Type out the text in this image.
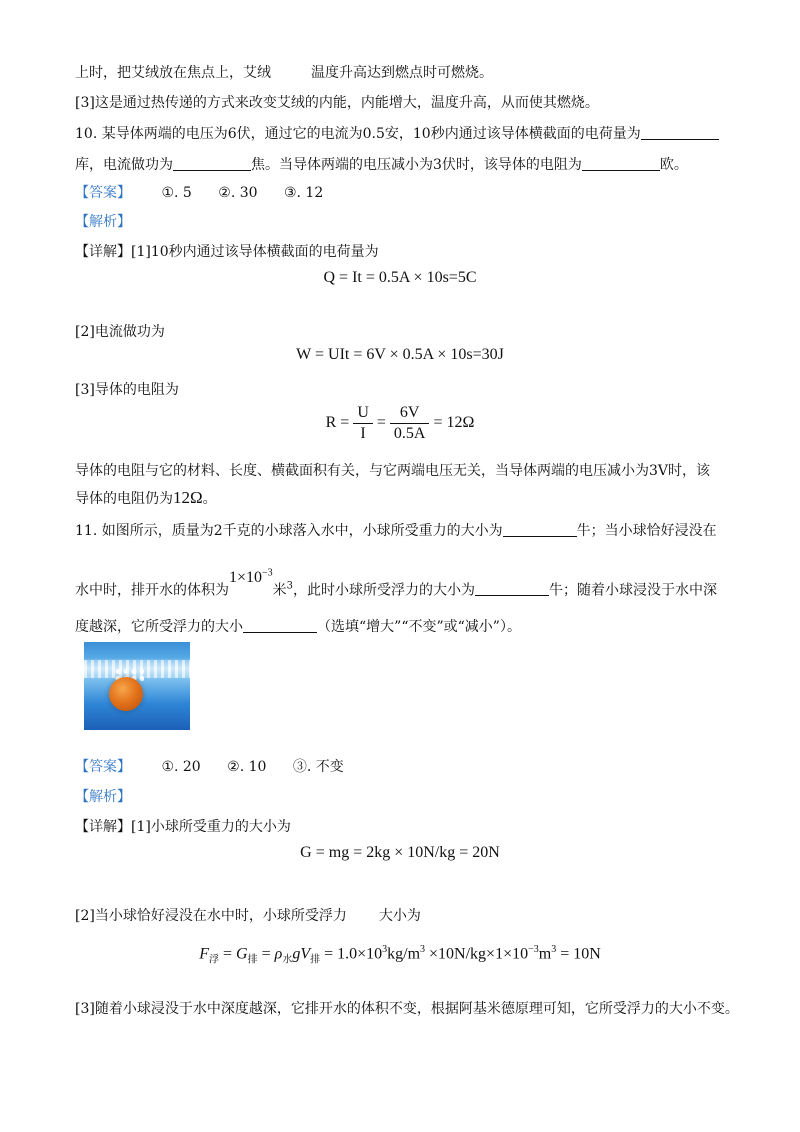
上时，把艾绒放在焦点上，艾绒	温度升高达到燃点时可燃烧。
[3]这是通过热传递的方式来改变艾绒的内能，内能增大，温度升高，从而使其燃烧。
10. 某导体两端的电压为6伏，通过它的电流为0.5安，10秒内通过该导体横截面的电荷量为
库，电流做功为	焦。当导体两端的电压减小为3伏时，该导体的电阻为	欧。
【答案】 ①. 5 ②. 30 ③. 12
【解析】
【详解】[1]10秒内通过该导体横截面的电荷量为
Q = It = 0.5A × 10s=5C
[2]电流做功为
W = UIt = 6V × 0.5A × 10s=30J
[3]导体的电阻为
$R = \frac{U}{I} = \frac{6V}{0.5A} = 12\Omega$
导体的电阻与它的材料、长度、横截面积有关，与它两端电压无关，当导体两端的电压减小为3V时，该
导体的电阻仍为12Ω。
11. 如图所示，质量为2千克的小球落入水中，小球所受重力的大小为	牛；当小球恰好浸没在
水中时，排开水的体积为$1\times 10^{-3}$米$^3$，此时小球所受浮力的大小为	牛；随着小球浸没于水中深
度越深，它所受浮力的大小	（选填“增大”“不变”或“减小”）。
【答案】 ①. 20 ②. 10 ③. 不变
【解析】
【详解】[1]小球所受重力的大小为
G = mg = 2kg × 10N/kg = 20N
[2]当小球恰好浸没在水中时，小球所受浮力 大小为
$F_浮 = G_排 = \rho_水gV_排 = 1.0\times 10^3kg/m^3 \times 10N/kg\times 1\times 10^{-3}m^3 = 10N$
[3]随着小球浸没于水中深度越深，它排开水的体积不变，根据阿基米德原理可知，它所受浮力的大小不变。
